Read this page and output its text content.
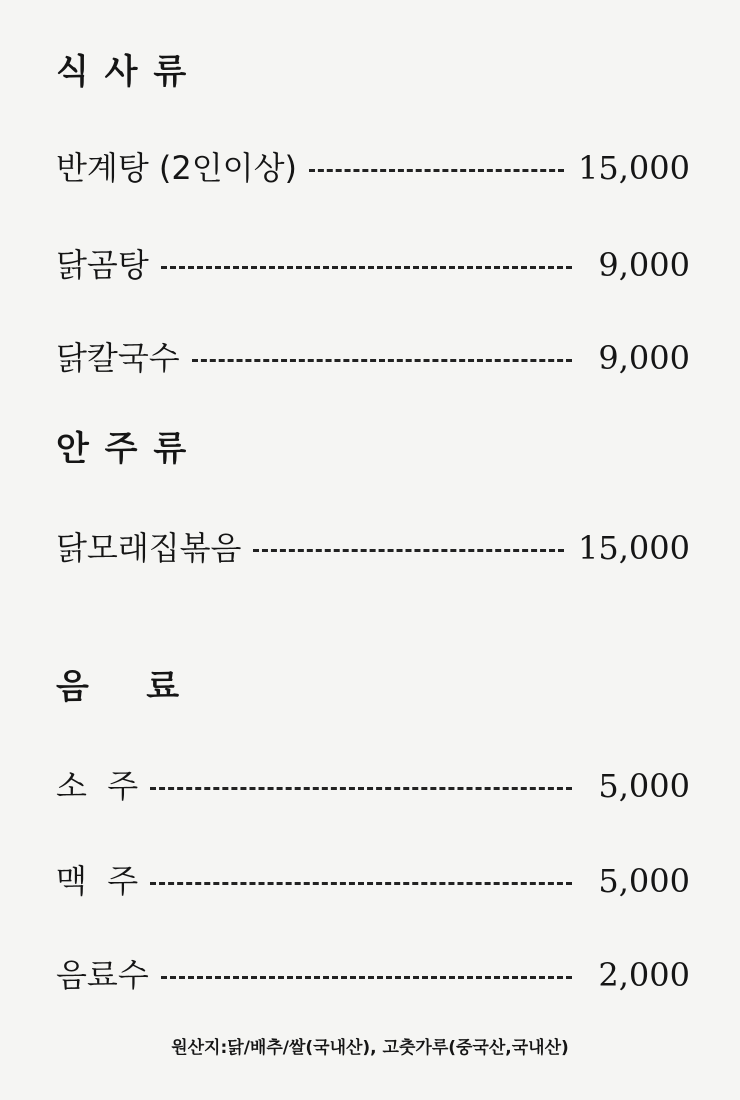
식 사 류
반계탕 (2인이상)	15,000
닭곰탕	9,000
닭칼국수	9,000
안 주 류
닭모래집볶음	15,000
음    료
소  주	5,000
맥  주	5,000
음료수	2,000
원산지:닭/배추/쌀(국내산), 고춧가루(중국산,국내산)
